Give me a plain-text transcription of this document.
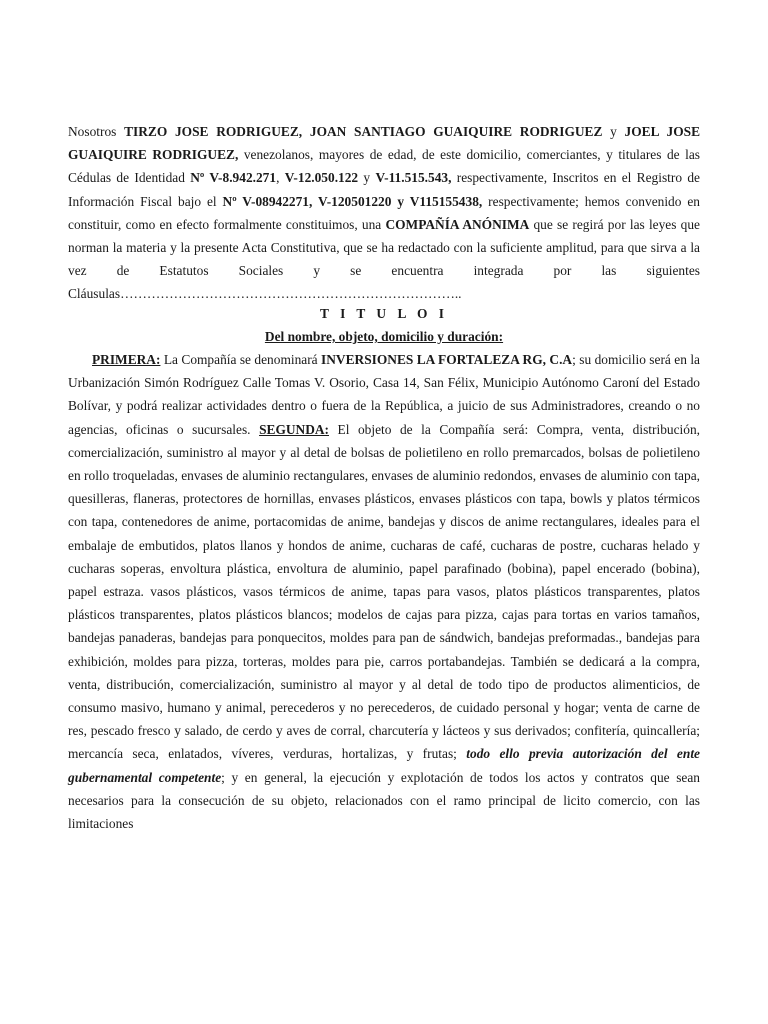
Nosotros TIRZO JOSE RODRIGUEZ, JOAN SANTIAGO GUAIQUIRE RODRIGUEZ y JOEL JOSE GUAIQUIRE RODRIGUEZ, venezolanos, mayores de edad, de este domicilio, comerciantes, y titulares de las Cédulas de Identidad Nº V-8.942.271, V-12.050.122 y V-11.515.543, respectivamente, Inscritos en el Registro de Información Fiscal bajo el Nº V-08942271, V-120501220 y V115155438, respectivamente; hemos convenido en constituir, como en efecto formalmente constituimos, una COMPAÑÍA ANÓNIMA que se regirá por las leyes que norman la materia y la presente Acta Constitutiva, que se ha redactado con la suficiente amplitud, para que sirva a la vez de Estatutos Sociales y se encuentra integrada por las siguientes Cláusulas…………………………………………………………………..

T I T U L O I

Del nombre, objeto, domicilio y duración:

PRIMERA: La Compañía se denominará INVERSIONES LA FORTALEZA RG, C.A; su domicilio será en la Urbanización Simón Rodríguez Calle Tomas V. Osorio, Casa 14, San Félix, Municipio Autónomo Caroní del Estado Bolívar, y podrá realizar actividades dentro o fuera de la República, a juicio de sus Administradores, creando o no agencias, oficinas o sucursales. SEGUNDA: El objeto de la Compañía será: Compra, venta, distribución, comercialización, suministro al mayor y al detal de bolsas de polietileno en rollo premarcados, bolsas de polietileno en rollo troqueladas, envases de aluminio rectangulares, envases de aluminio redondos, envases de aluminio con tapa, quesilleras, flaneras, protectores de hornillas, envases plásticos, envases plásticos con tapa, bowls y platos térmicos con tapa, contenedores de anime, portacomidas de anime, bandejas y discos de anime rectangulares, ideales para el embalaje de embutidos, platos llanos y hondos de anime, cucharas de café, cucharas de postre, cucharas helado y cucharas soperas, envoltura plástica, envoltura de aluminio, papel parafinado (bobina), papel encerado (bobina), papel estraza. vasos plásticos, vasos térmicos de anime, tapas para vasos, platos plásticos transparentes, platos plásticos transparentes, platos plásticos blancos; modelos de cajas para pizza, cajas para tortas en varios tamaños, bandejas panaderas, bandejas para ponquecitos, moldes para pan de sándwich, bandejas preformadas., bandejas para exhibición, moldes para pizza, torteras, moldes para pie, carros portabandejas. También se dedicará a la compra, venta, distribución, comercialización, suministro al mayor y al detal de todo tipo de productos alimenticios, de consumo masivo, humano y animal, perecederos y no perecederos, de cuidado personal y hogar; venta de carne de res, pescado fresco y salado, de cerdo y aves de corral, charcutería y lácteos y sus derivados; confitería, quincallería; mercancía seca, enlatados, víveres, verduras, hortalizas, y frutas; todo ello previa autorización del ente gubernamental competente; y en general, la ejecución y explotación de todos los actos y contratos que sean necesarios para la consecución de su objeto, relacionados con el ramo principal de licito comercio, con las limitaciones
